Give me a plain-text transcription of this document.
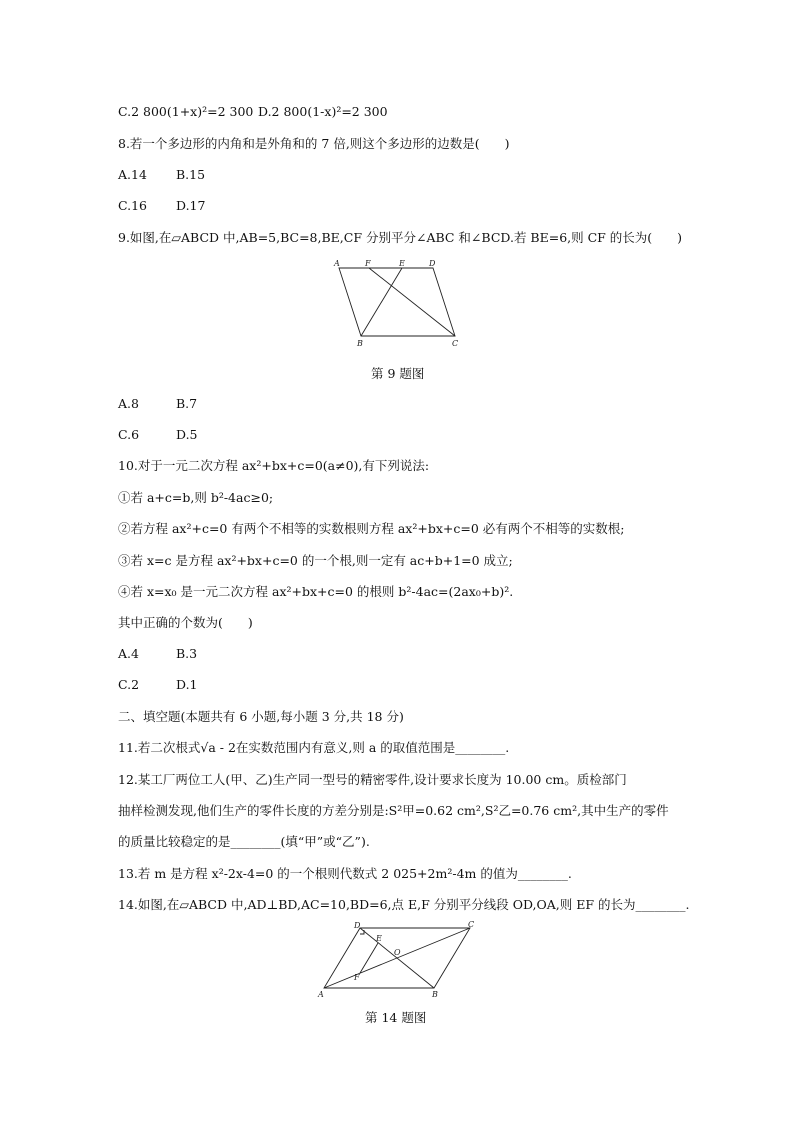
C.2 800(1+x)²=2 300 D.2 800(1-x)²=2 300
8.若一个多边形的内角和是外角和的 7 倍,则这个多边形的边数是(　　)
A.14 B.15
C.16 D.17
9.如图,在▱ABCD 中,AB=5,BC=8,BE,CF 分别平分∠ABC 和∠BCD.若 BE=6,则 CF 的长为(　　)
A	F	E	D
B	C
第 9 题图
A.8	B.7
C.6	D.5
10.对于一元二次方程 ax²+bx+c=0(a≠0),有下列说法:
①若 a+c=b,则 b²-4ac≥0;
②若方程 ax²+c=0 有两个不相等的实数根则方程 ax²+bx+c=0 必有两个不相等的实数根;
③若 x=c 是方程 ax²+bx+c=0 的一个根,则一定有 ac+b+1=0 成立;
④若 x=x₀ 是一元二次方程 ax²+bx+c=0 的根则 b²-4ac=(2ax₀+b)².
其中正确的个数为(　　)
A.4	B.3
C.2	D.1
二、填空题(本题共有 6 小题,每小题 3 分,共 18 分)
11.若二次根式√a - 2在实数范围内有意义,则 a 的取值范围是________.
12.某工厂两位工人(甲、乙)生产同一型号的精密零件,设计要求长度为 10.00 cm。质检部门
抽样检测发现,他们生产的零件长度的方差分别是:S²甲=0.62 cm²,S²乙=0.76 cm²,其中生产的零件
的质量比较稳定的是________(填“甲”或“乙”).
13.若 m 是方程 x²-2x-4=0 的一个根则代数式 2 025+2m²-4m 的值为________.
14.如图,在▱ABCD 中,AD⊥BD,AC=10,BD=6,点 E,F 分别平分线段 OD,OA,则 EF 的长为________.
D
E
O
C
F
A	B
第 14 题图
